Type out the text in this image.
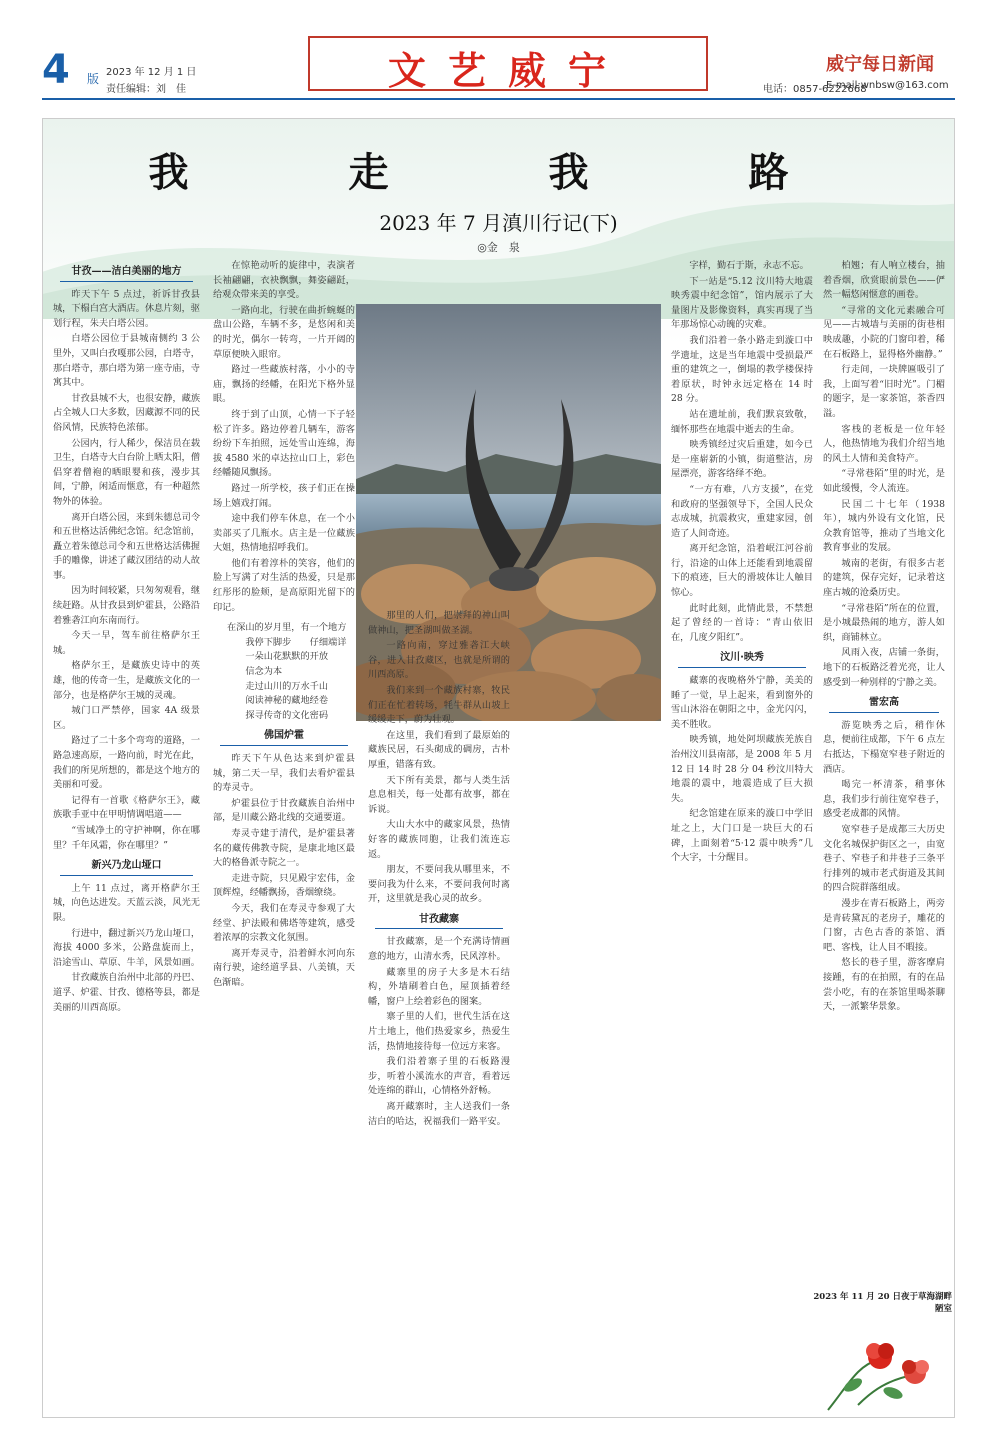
4 版 2023 年 12 月 1 日
责任编辑：刘　佳	文艺威宁	威宁每日新闻
电话：0857-6222668
E-mail:wnbsw@163.com
我　走　我　路
2023 年 7 月滇川行记(下)
◎金　泉
甘孜——洁白美丽的地方

昨天下午 5 点过，祈诉甘孜县城，下榻白宫大酒店。休息片刻，驱划行程，朱夫白塔公园。

白塔公园位于县城南侧约 3 公里外，又叫白孜嘎那公园，白塔寺，那白塔寺，那白塔为第一座寺庙，寺寓其中。

甘孜县城不大，也很安静，藏族占全城人口大多数，因藏源不同的民俗风情，民族特色浓郁。

公园内，行人稀少，保洁员在载卫生，白塔寺大白台阶上晒太阳，僧侣穿着僧袍的晒眼婴和孩，漫步其间，宁静，闲适而惬意，有一种超然物外的体验。

离开白塔公园，来到朱德总司令和五世格达活佛纪念馆。纪念馆前，矗立着朱德总司令和五世格达活佛握手的雕像，讲述了藏汉团结的动人故事。

因为时间较紧，只匆匆观看，继续赶路。从甘孜县到炉霍县，公路沿着雅砻江向东南而行。

今天一早，驾车前往格萨尔王城。

格萨尔王，是藏族史诗中的英雄，他的传奇一生，是藏族文化的一部分，也是格萨尔王城的灵魂。

城门口严禁停，国家 4A 级景区。

路过了二十多个弯弯的道路，一路急速高原，一路向前，时光在此，我们的所见所想的，都是这个地方的美丽和可爱。

记得有一首歌《格萨尔王》，藏族歌手亚中在甲明情调唱道——

“雪域净土的守护神啊，你在哪里？千年风霜，你在哪里？”

新兴乃龙山垭口

上午 11 点过，离开格萨尔王城，向色达进发。天蓝云淡，风光无限。

行进中，翻过新兴乃龙山垭口，海拔 4000 多米，公路盘旋而上，沿途雪山、草原、牛羊，风景如画。

甘孜藏族自治州中北部的丹巴、道孚、炉霍、甘孜、德格等县，都是美丽的川西高原。

在惊艳动听的旋律中，表演者长袖翩翩，衣袂飘飘，舞姿翩跹，给观众带来美的享受。

一路向北，行驶在曲折蜿蜒的盘山公路，车辆不多，是悠闲和美的时光，偶尔一转弯，一片开阔的草原便映入眼帘。

路过一些藏族村落，小小的寺庙，飘扬的经幡，在阳光下格外显眼。

终于到了山顶，心情一下子轻松了许多。路边停着几辆车，游客纷纷下车拍照，远处雪山连绵，海拔 4580 米的卓达拉山口上，彩色经幡随风飘扬。

路过一所学校，孩子们正在操场上嬉戏打闹。

途中我们停车休息，在一个小卖部买了几瓶水。店主是一位藏族大姐，热情地招呼我们。

他们有着淳朴的笑容，他们的脸上写满了对生活的热爱，只是那红彤彤的脸颊，是高原阳光留下的印记。

在深山的岁月里，有一个地方
　　我停下脚步　　仔细端详
　　一朵山花默默的开放
　　信念为本
　　走过山川的万水千山
　　阅读神秘的藏地经卷
　　探寻传奇的文化密码
佛国炉霍

昨天下午从色达来到炉霍县城，第二天一早，我们去看炉霍县的寿灵寺。

炉霍县位于甘孜藏族自治州中部，是川藏公路北线的交通要道。

寿灵寺建于清代，是炉霍县著名的藏传佛教寺院，是康北地区最大的格鲁派寺院之一。

走进寺院，只见殿宇宏伟，金顶辉煌，经幡飘扬，香烟缭绕。

今天，我们在寿灵寺参观了大经堂、护法殿和佛塔等建筑，感受着浓厚的宗教文化氛围。

离开寿灵寺，沿着鲜水河向东南行驶，途经道孚县、八美镇，天色渐暗。

那里的人们，把崇拜的神山叫做神山，把圣湖叫做圣湖。

一路向南，穿过雅砻江大峡谷，进入甘孜藏区，也就是所谓的川西高原。

我们来到一个藏族村寨，牧民们正在忙着转场，牦牛群从山坡上缓缓走下，蔚为壮观。

在这里，我们看到了最原始的藏族民居，石头砌成的碉房，古朴厚重，错落有致。

天下所有美景，都与人类生活息息相关，每一处都有故事，都在诉说。

大山大水中的藏家风景，热情好客的藏族同胞，让我们流连忘返。

朋友，不要问我从哪里来，不要问我为什么来，不要问我何时离开，这里就是我心灵的故乡。

甘孜藏寨

甘孜藏寨，是一个充满诗情画意的地方，山清水秀，民风淳朴。

藏寨里的房子大多是木石结构，外墙刷着白色，屋顶插着经幡，窗户上绘着彩色的图案。

寨子里的人们，世代生活在这片土地上，他们热爱家乡，热爱生活，热情地接待每一位远方来客。

我们沿着寨子里的石板路漫步，听着小溪流水的声音，看着远处连绵的群山，心情格外舒畅。

离开藏寨时，主人送我们一条洁白的哈达，祝福我们一路平安。

字样，勤石于斯，永志不忘。

下一站是“5.12 汶川特大地震映秀震中纪念馆”，馆内展示了大量图片及影像资料，真实再现了当年那场惊心动魄的灾难。

我们沿着一条小路走到漩口中学遗址，这是当年地震中受损最严重的建筑之一，倒塌的教学楼保持着原状，时钟永远定格在 14 时 28 分。

站在遗址前，我们默哀致敬，缅怀那些在地震中逝去的生命。

映秀镇经过灾后重建，如今已是一座崭新的小镇，街道整洁，房屋漂亮，游客络绎不绝。

“一方有难，八方支援”，在党和政府的坚强领导下，全国人民众志成城，抗震救灾，重建家园，创造了人间奇迹。

离开纪念馆，沿着岷江河谷前行，沿途的山体上还能看到地震留下的痕迹，巨大的滑坡体让人触目惊心。

此时此刻，此情此景，不禁想起了曾经的一首诗：“青山依旧在，几度夕阳红”。

汶川·映秀

藏寨的夜晚格外宁静，美美的睡了一觉，早上起来，看到窗外的雪山沐浴在朝阳之中，金光闪闪，美不胜收。

映秀镇，地处阿坝藏族羌族自治州汶川县南部，是 2008 年 5 月 12 日 14 时 28 分 04 秒汶川特大地震的震中，地震造成了巨大损失。

纪念馆建在原来的漩口中学旧址之上，大门口是一块巨大的石碑，上面刻着“5·12 震中映秀”几个大字，十分醒目。

柏翘；有人响立楼台，抽着香烟，欣赏眼前景色——俨然一幅悠闲惬意的画卷。

“寻常的文化元素融合可见——古城墙与美丽的街巷相映成趣，小院的门窗印着，稀在石板路上，显得格外幽静。”

行走间，一块牌匾吸引了我，上面写着“旧时光”。门楣的题字，是一家茶馆，茶香四溢。

客栈的老板是一位年轻人，他热情地为我们介绍当地的风土人情和美食特产。

“寻常巷陌”里的时光，是如此缓慢，令人流连。

民国二十七年（1938 年），城内外设有文化馆，民众教育馆等，推动了当地文化教育事业的发展。

城南的老街，有很多古老的建筑，保存完好，记录着这座古城的沧桑历史。

“寻常巷陌”所在的位置，是小城最热闹的地方，游人如织，商铺林立。

风雨入夜，店铺一条街，地下的石板路泛着光亮，让人感受到一种别样的宁静之美。

雷宏高

游览映秀之后，稍作休息，便前往成都，下午 6 点左右抵达，下榻宽窄巷子附近的酒店。

喝完一杯清茶，稍事休息，我们步行前往宽窄巷子，感受老成都的风情。

宽窄巷子是成都三大历史文化名城保护街区之一，由宽巷子、窄巷子和井巷子三条平行排列的城市老式街道及其间的四合院群落组成。

漫步在青石板路上，两旁是青砖黛瓦的老房子，雕花的门窗，古色古香的茶馆、酒吧、客栈，让人目不暇接。

悠长的巷子里，游客摩肩接踵，有的在拍照，有的在品尝小吃，有的在茶馆里喝茶聊天，一派繁华景象。

2023 年 11 月 20 日夜于草海湖畔陋室
